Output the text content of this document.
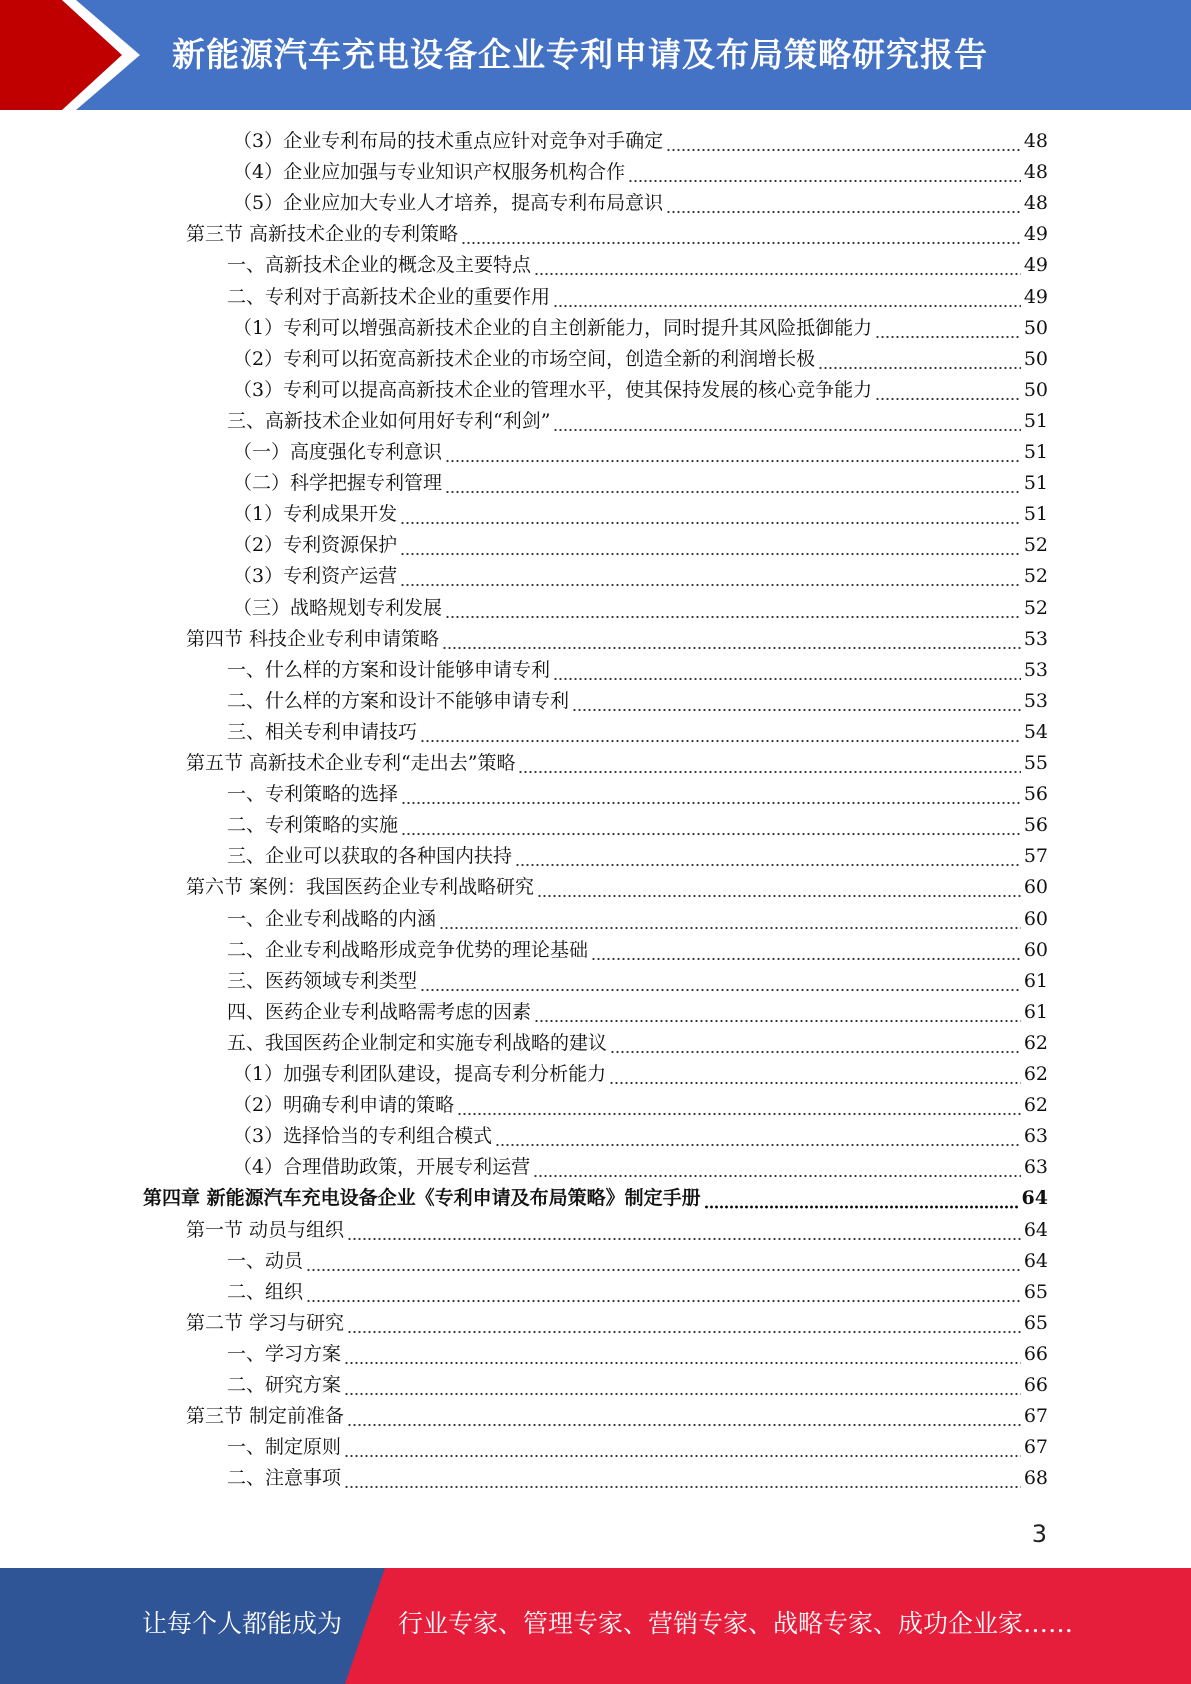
新能源汽车充电设备企业专利申请及布局策略研究报告
（3）企业专利布局的技术重点应针对竞争对手确定	48
（4）企业应加强与专业知识产权服务机构合作	48
（5）企业应加大专业人才培养，提高专利布局意识	48
第三节 高新技术企业的专利策略	49
一、高新技术企业的概念及主要特点	49
二、专利对于高新技术企业的重要作用	49
（1）专利可以增强高新技术企业的自主创新能力，同时提升其风险抵御能力	50
（2）专利可以拓宽高新技术企业的市场空间，创造全新的利润增长极	50
（3）专利可以提高高新技术企业的管理水平，使其保持发展的核心竞争能力	50
三、高新技术企业如何用好专利“利剑”	51
（一）高度强化专利意识	51
（二）科学把握专利管理	51
（1）专利成果开发	51
（2）专利资源保护	52
（3）专利资产运营	52
（三）战略规划专利发展	52
第四节 科技企业专利申请策略	53
一、什么样的方案和设计能够申请专利	53
二、什么样的方案和设计不能够申请专利	53
三、相关专利申请技巧	54
第五节 高新技术企业专利“走出去”策略	55
一、专利策略的选择	56
二、专利策略的实施	56
三、企业可以获取的各种国内扶持	57
第六节 案例：我国医药企业专利战略研究	60
一、企业专利战略的内涵	60
二、企业专利战略形成竞争优势的理论基础	60
三、医药领域专利类型	61
四、医药企业专利战略需考虑的因素	61
五、我国医药企业制定和实施专利战略的建议	62
（1）加强专利团队建设，提高专利分析能力	62
（2）明确专利申请的策略	62
（3）选择恰当的专利组合模式	63
（4）合理借助政策，开展专利运营	63
第四章 新能源汽车充电设备企业《专利申请及布局策略》制定手册	64
第一节 动员与组织	64
一、动员	64
二、组织	65
第二节 学习与研究	65
一、学习方案	66
二、研究方案	66
第三节 制定前准备	67
一、制定原则	67
二、注意事项	68
3
让每个人都能成为 行业专家、管理专家、营销专家、战略专家、成功企业家……
